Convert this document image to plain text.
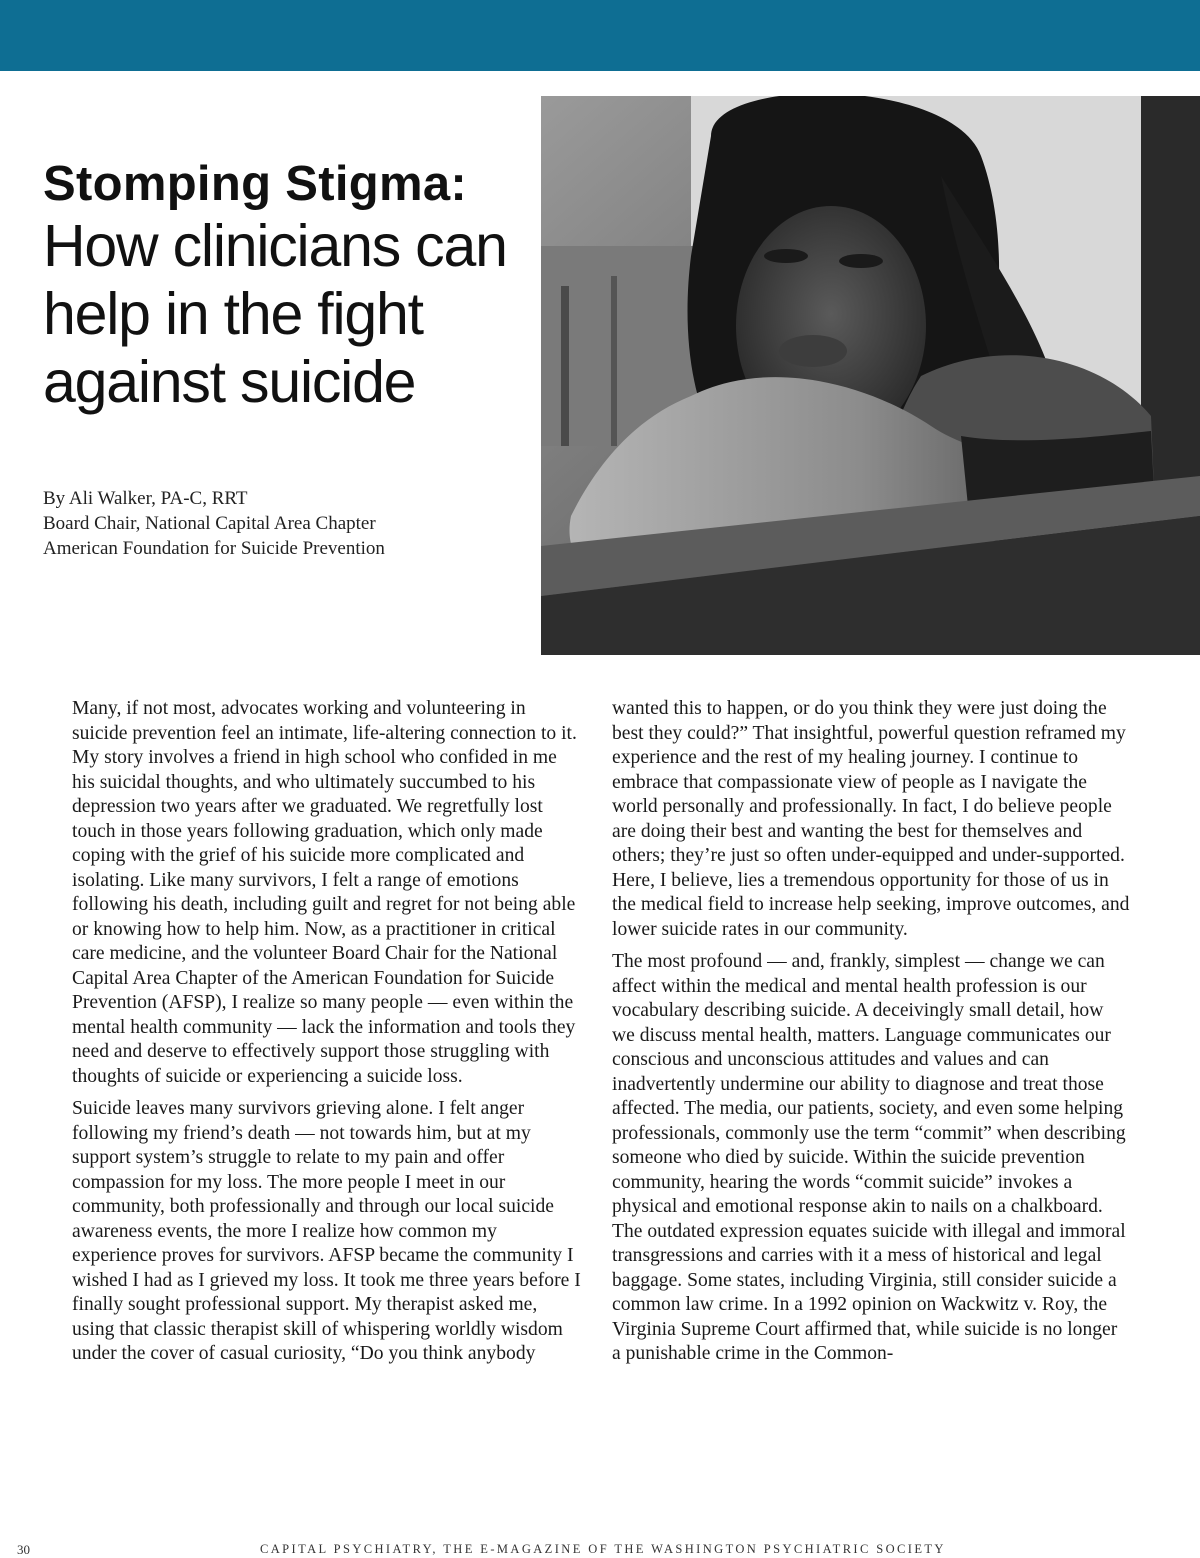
Stomping Stigma:
How clinicians can
help in the fight
against suicide
By Ali Walker, PA-C, RRT
Board Chair, National Capital Area Chapter
American Foundation for Suicide Prevention

Many, if not most, advocates working and volunteering in suicide prevention feel an intimate, life-altering connection to it. My story involves a friend in high school who confided in me his suicidal thoughts, and who ultimately succumbed to his depression two years after we graduated. We regretfully lost touch in those years following graduation, which only made coping with the grief of his suicide more complicated and isolating. Like many survivors, I felt a range of emotions following his death, including guilt and regret for not being able or knowing how to help him. Now, as a practitioner in critical care medicine, and the volunteer Board Chair for the National Capital Area Chapter of the American Foundation for Suicide Prevention (AFSP), I realize so many people — even within the mental health community — lack the information and tools they need and deserve to effectively support those struggling with thoughts of suicide or experiencing a suicide loss.

Suicide leaves many survivors grieving alone. I felt anger following my friend’s death — not towards him, but at my support system’s struggle to relate to my pain and offer compassion for my loss. The more people I meet in our community, both professionally and through our local suicide awareness events, the more I realize how common my experience proves for survivors. AFSP became the community I wished I had as I grieved my loss. It took me three years before I finally sought professional support. My therapist asked me, using that classic therapist skill of whispering worldly wisdom under the cover of casual curiosity, “Do you think anybody

wanted this to happen, or do you think they were just doing the best they could?” That insightful, powerful question reframed my experience and the rest of my healing journey. I continue to embrace that compassionate view of people as I navigate the world personally and professionally. In fact, I do believe people are doing their best and wanting the best for themselves and others; they’re just so often under-equipped and under-supported. Here, I believe, lies a tremendous opportunity for those of us in the medical field to increase help seeking, improve outcomes, and lower suicide rates in our community.

The most profound — and, frankly, simplest — change we can affect within the medical and mental health profession is our vocabulary describing suicide. A deceivingly small detail, how we discuss mental health, matters. Language communicates our conscious and unconscious attitudes and values and can inadvertently undermine our ability to diagnose and treat those affected. The media, our patients, society, and even some helping professionals, commonly use the term “commit” when describing someone who died by suicide. Within the suicide prevention community, hearing the words “commit suicide” invokes a physical and emotional response akin to nails on a chalkboard. The outdated expression equates suicide with illegal and immoral transgressions and carries with it a mess of historical and legal baggage. Some states, including Virginia, still consider suicide a common law crime. In a 1992 opinion on Wackwitz v. Roy, the Virginia Supreme Court affirmed that, while suicide is no longer a punishable crime in the Common-

30	CAPITAL PSYCHIATRY, THE E-MAGAZINE OF THE WASHINGTON PSYCHIATRIC SOCIETY
